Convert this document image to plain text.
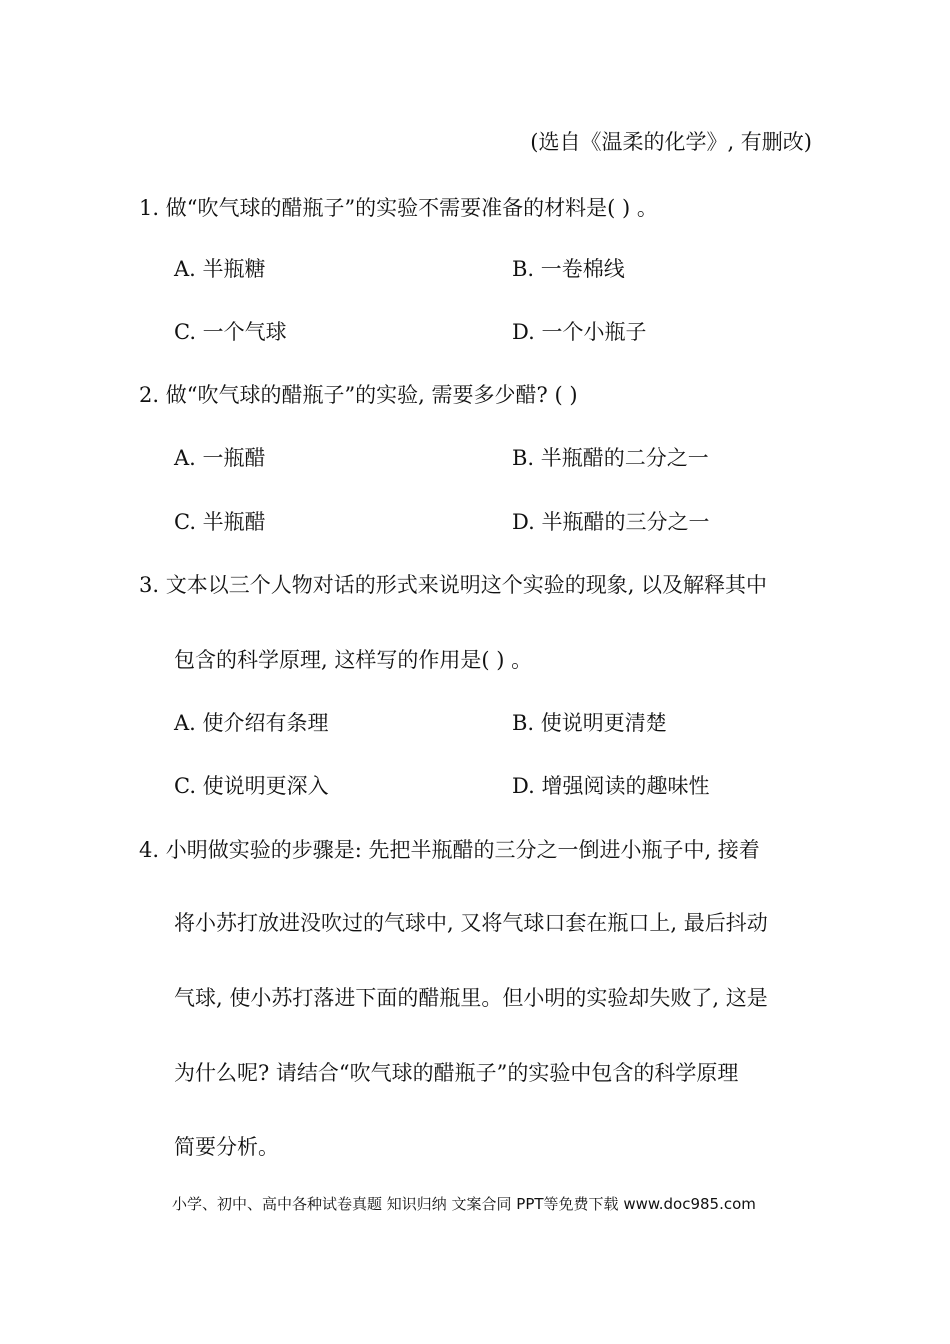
(选自《温柔的化学》, 有删改)
1. 做“吹气球的醋瓶子”的实验不需要准备的材料是( ) 。
A. 半瓶糖	B. 一卷棉线
C. 一个气球	D. 一个小瓶子
2. 做“吹气球的醋瓶子”的实验, 需要多少醋? ( )
A. 一瓶醋	B. 半瓶醋的二分之一
C. 半瓶醋	D. 半瓶醋的三分之一
3. 文本以三个人物对话的形式来说明这个实验的现象, 以及解释其中
包含的科学原理, 这样写的作用是( ) 。
A. 使介绍有条理	B. 使说明更清楚
C. 使说明更深入	D. 增强阅读的趣味性
4. 小明做实验的步骤是: 先把半瓶醋的三分之一倒进小瓶子中, 接着
将小苏打放进没吹过的气球中, 又将气球口套在瓶口上, 最后抖动
气球, 使小苏打落进下面的醋瓶里。但小明的实验却失败了, 这是
为什么呢? 请结合“吹气球的醋瓶子”的实验中包含的科学原理
简要分析。
小学、初中、高中各种试卷真题 知识归纳 文案合同 PPT等免费下载 www.doc985.com
